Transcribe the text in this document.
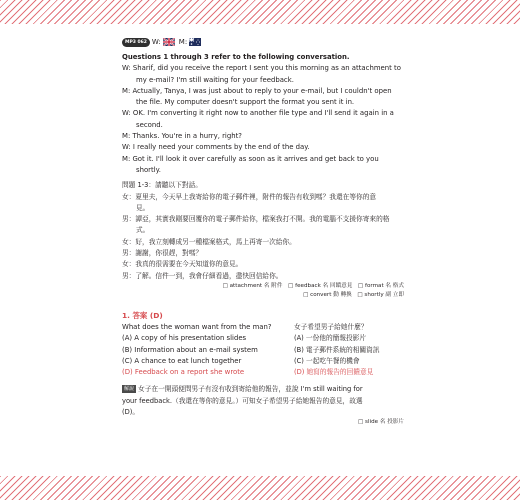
MP3 062 W:	M:
Questions 1 through 3 refer to the following conversation.
W: Sharif, did you receive the report I sent you this morning as an attachment to
my e-mail? I'm still waiting for your feedback.
M: Actually, Tanya, I was just about to reply to your e-mail, but I couldn't open
the file. My computer doesn't support the format you sent it in.
W: OK. I'm converting it right now to another file type and I'll send it again in a
second.
M: Thanks. You're in a hurry, right?
W: I really need your comments by the end of the day.
M: Got it. I'll look it over carefully as soon as it arrives and get back to you
shortly.
問題 1-3：請聽以下對話。
女：夏里夫，今天早上我寄給你的電子郵件裡，附件的報告有收到嗎？我還在等你的意
見。
男：譚亞，其實我剛要回覆你的電子郵件給你，檔案我打不開。我的電腦不支援你寄來的格
式。
女：好，我立刻轉成另一種檔案格式，馬上再寄一次給你。
男：謝謝，你很趕，對嗎？
女：我真的很需要在今天知道你的意見。
男：了解。信件一到，我會仔細看過，盡快回信給你。
□ attachment 名 附件　□ feedback 名 回饋意見　□ format 名 格式
□ convert 動 轉換　□ shortly 副 立即
1. 答案 (D)
What does the woman want from the man?
(A) A copy of his presentation slides
(B) Information about an e-mail system
(C) A chance to eat lunch together
(D) Feedback on a report she wrote
女子希望男子給她什麼？
(A) 一份他的簡報投影片
(B) 電子郵件系統的相關資訊
(C) 一起吃午餐的機會
(D) 她寫的報告的回饋意見
解說 女子在一開頭便問男子有沒有收到寄給他的報告，並說 I'm still waiting for
your feedback.（我還在等你的意見。）可知女子希望男子給她報告的意見，故選
(D)。
□ slide 名 投影片
